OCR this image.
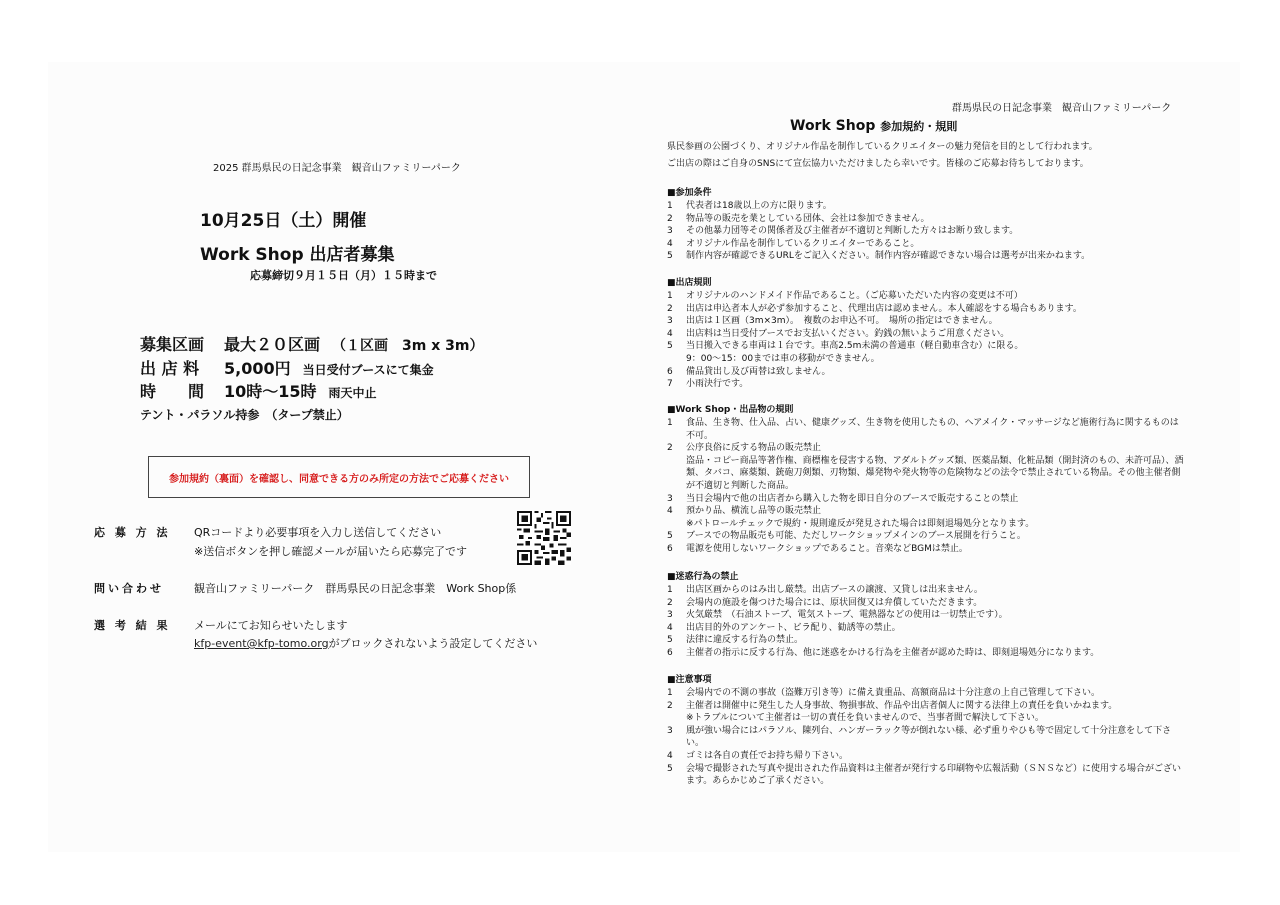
2025 群馬県民の日記念事業　観音山ファミリーパーク
10月25日（土）開催
Work Shop 出店者募集
応募締切９月１５日（月）１５時まで
募集区画 最大２０区画 （１区画　3m x 3m）
出 店 料 5,000円 当日受付ブースにて集金
時　　間 10時～15時 雨天中止
テント・パラソル持参　（タープ禁止）
参加規約（裏面）を確認し、同意できる方のみ所定の方法でご応募ください
応 募 方 法 QRコードより必要事項を入力し送信してください
※送信ボタンを押し確認メールが届いたら応募完了です
問い合わせ	観音山ファミリーパーク　群馬県民の日記念事業　Work Shop係
選 考 結 果 メールにてお知らせいたします
kfp-event@kfp-tomo.orgがブロックされないよう設定してください
群馬県民の日記念事業　観音山ファミリーパーク
Work Shop 参加規約・規則
県民参画の公園づくり、オリジナル作品を制作しているクリエイターの魅力発信を目的として行われます。
ご出店の際はご自身のSNSにて宣伝協力いただけましたら幸いです。皆様のご応募お待ちしております。
■参加条件
1	代表者は18歳以上の方に限ります。
2	物品等の販売を業としている団体、会社は参加できません。
3	その他暴力団等その関係者及び主催者が不適切と判断した方々はお断り致します。
4	オリジナル作品を制作しているクリエイターであること。
5	制作内容が確認できるURLをご記入ください。制作内容が確認できない場合は選考が出来かねます。
■出店規則
1	オリジナルのハンドメイド作品であること。（ご応募いただいた内容の変更は不可）
2	出店は申込者本人が必ず参加すること、代理出店は認めません。本人確認をする場合もあります。
3	出店は１区画（3m×3m）。　複数のお申込不可。　場所の指定はできません。
4	出店料は当日受付ブースでお支払いください。釣銭の無いようご用意ください。
5	当日搬入できる車両は１台です。車高2.5m未満の普通車（軽自動車含む）に限る。
9：00～15：00までは車の移動ができません。
6	備品貸出し及び両替は致しません。
7	小雨決行です。
■Work Shop・出品物の規則
1	食品、生き物、仕入品、占い、健康グッズ、生き物を使用したもの、ヘアメイク・マッサージなど施術行為に関するものは不可。
2	公序良俗に反する物品の販売禁止
盗品・コピー商品等著作権、商標権を侵害する物、アダルトグッズ類、医薬品類、化粧品類（開封済のもの、未許可品）、酒類、タバコ、麻薬類、銃砲刀剣類、刃物類、爆発物や発火物等の危険物などの法令で禁止されている物品。その他主催者側が不適切と判断した商品。
3	当日会場内で他の出店者から購入した物を即日自分のブースで販売することの禁止
4	預かり品、横流し品等の販売禁止
※パトロールチェックで規約・規則違反が発見された場合は即刻退場処分となります。
5	ブースでの物品販売も可能、ただしワークショップメインのブース展開を行うこと。
6	電源を使用しないワークショップであること。音楽などBGMは禁止。
■迷惑行為の禁止
1	出店区画からのはみ出し厳禁。出店ブースの譲渡、又貸しは出来ません。
2	会場内の施設を傷つけた場合には、原状回復又は弁償していただきます。
3	火気厳禁　（石油ストーブ、電気ストーブ、電熱器などの使用は一切禁止です）。
4	出店目的外のアンケート、ビラ配り、勧誘等の禁止。
5	法律に違反する行為の禁止。
6	主催者の指示に反する行為、他に迷惑をかける行為を主催者が認めた時は、即刻退場処分になります。
■注意事項
1	会場内での不測の事故（盗難万引き等）に備え貴重品、高額商品は十分注意の上自己管理して下さい。
2	主催者は開催中に発生した人身事故、物損事故、作品や出店者個人に関する法律上の責任を負いかねます。
※トラブルについて主催者は一切の責任を負いませんので、当事者間で解決して下さい。
3	風が強い場合にはパラソル、陳列台、ハンガーラック等が倒れない様、必ず重りやひも等で固定して十分注意をして下さい。
4	ゴミは各自の責任でお持ち帰り下さい。
5	会場で撮影された写真や提出された作品資料は主催者が発行する印刷物や広報活動（ＳＮＳなど）に使用する場合がございます。あらかじめご了承ください。
